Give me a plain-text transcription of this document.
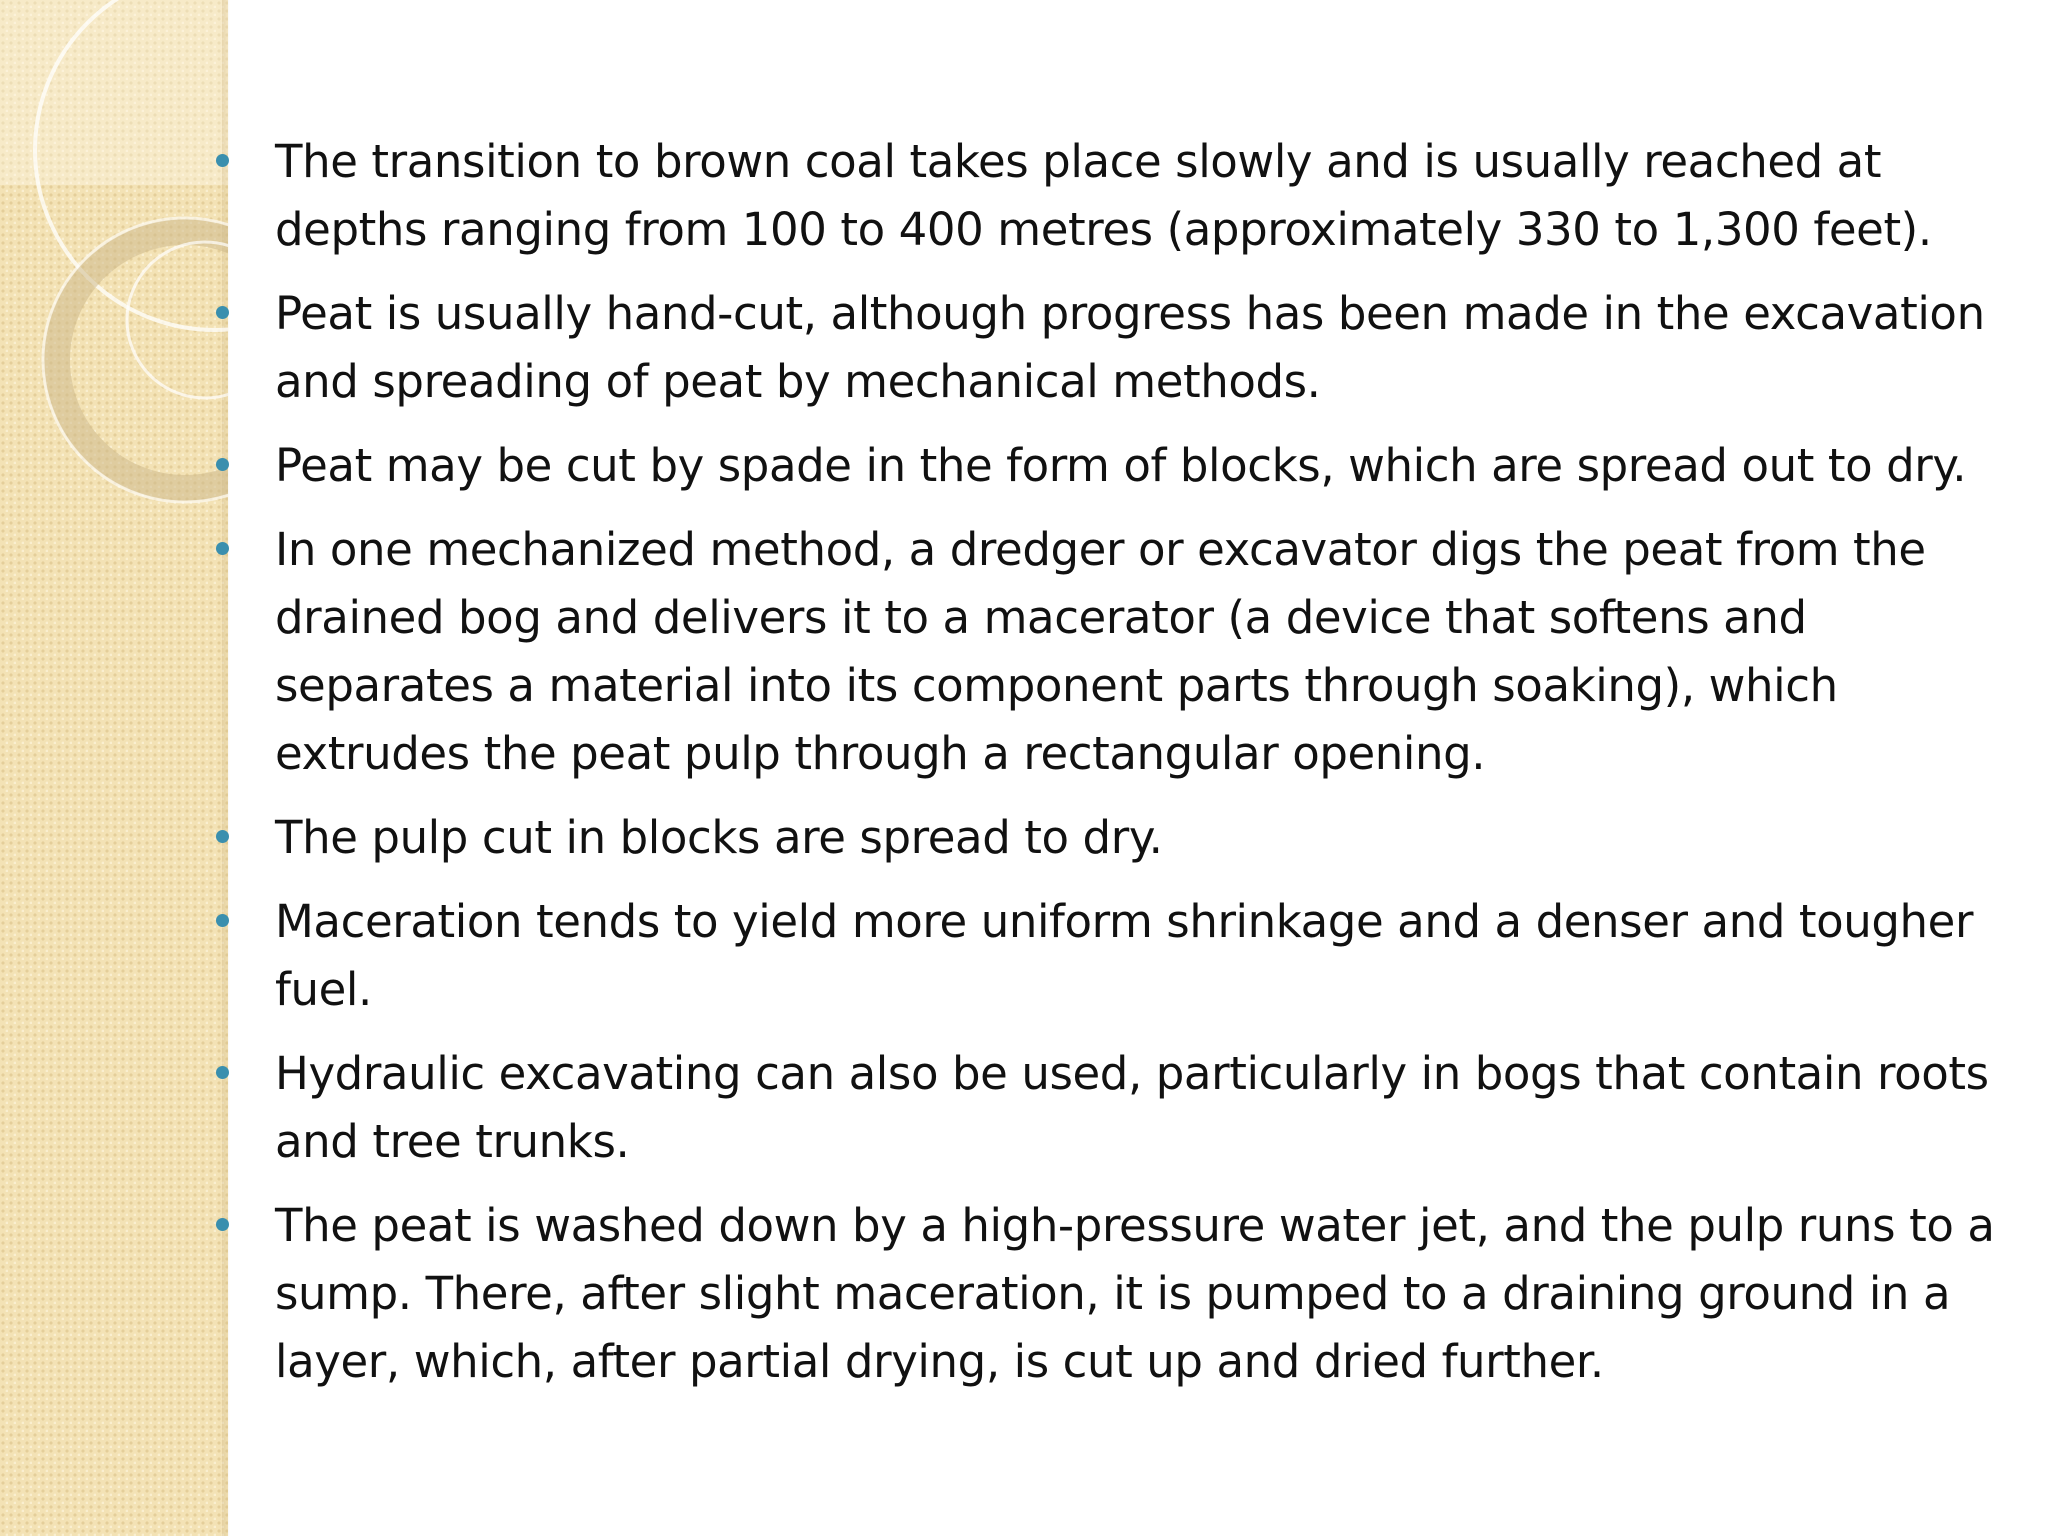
The transition to brown coal takes place slowly and is usually reached at depths ranging from 100 to 400 metres (approximately 330 to 1,300 feet).
Peat is usually hand-cut, although progress has been made in the excavation and spreading of peat by mechanical methods.
Peat may be cut by spade in the form of blocks, which are spread out to dry.
In one mechanized method, a dredger or excavator digs the peat from the drained bog and delivers it to a macerator (a device that softens and separates a material into its component parts through soaking), which extrudes the peat pulp through a rectangular opening.
The pulp cut in blocks are spread to dry.
Maceration tends to yield more uniform shrinkage and a denser and tougher fuel.
Hydraulic excavating can also be used, particularly in bogs that contain roots and tree trunks.
The peat is washed down by a high-pressure water jet, and the pulp runs to a sump. There, after slight maceration, it is pumped to a draining ground in a layer, which, after partial drying, is cut up and dried further.
